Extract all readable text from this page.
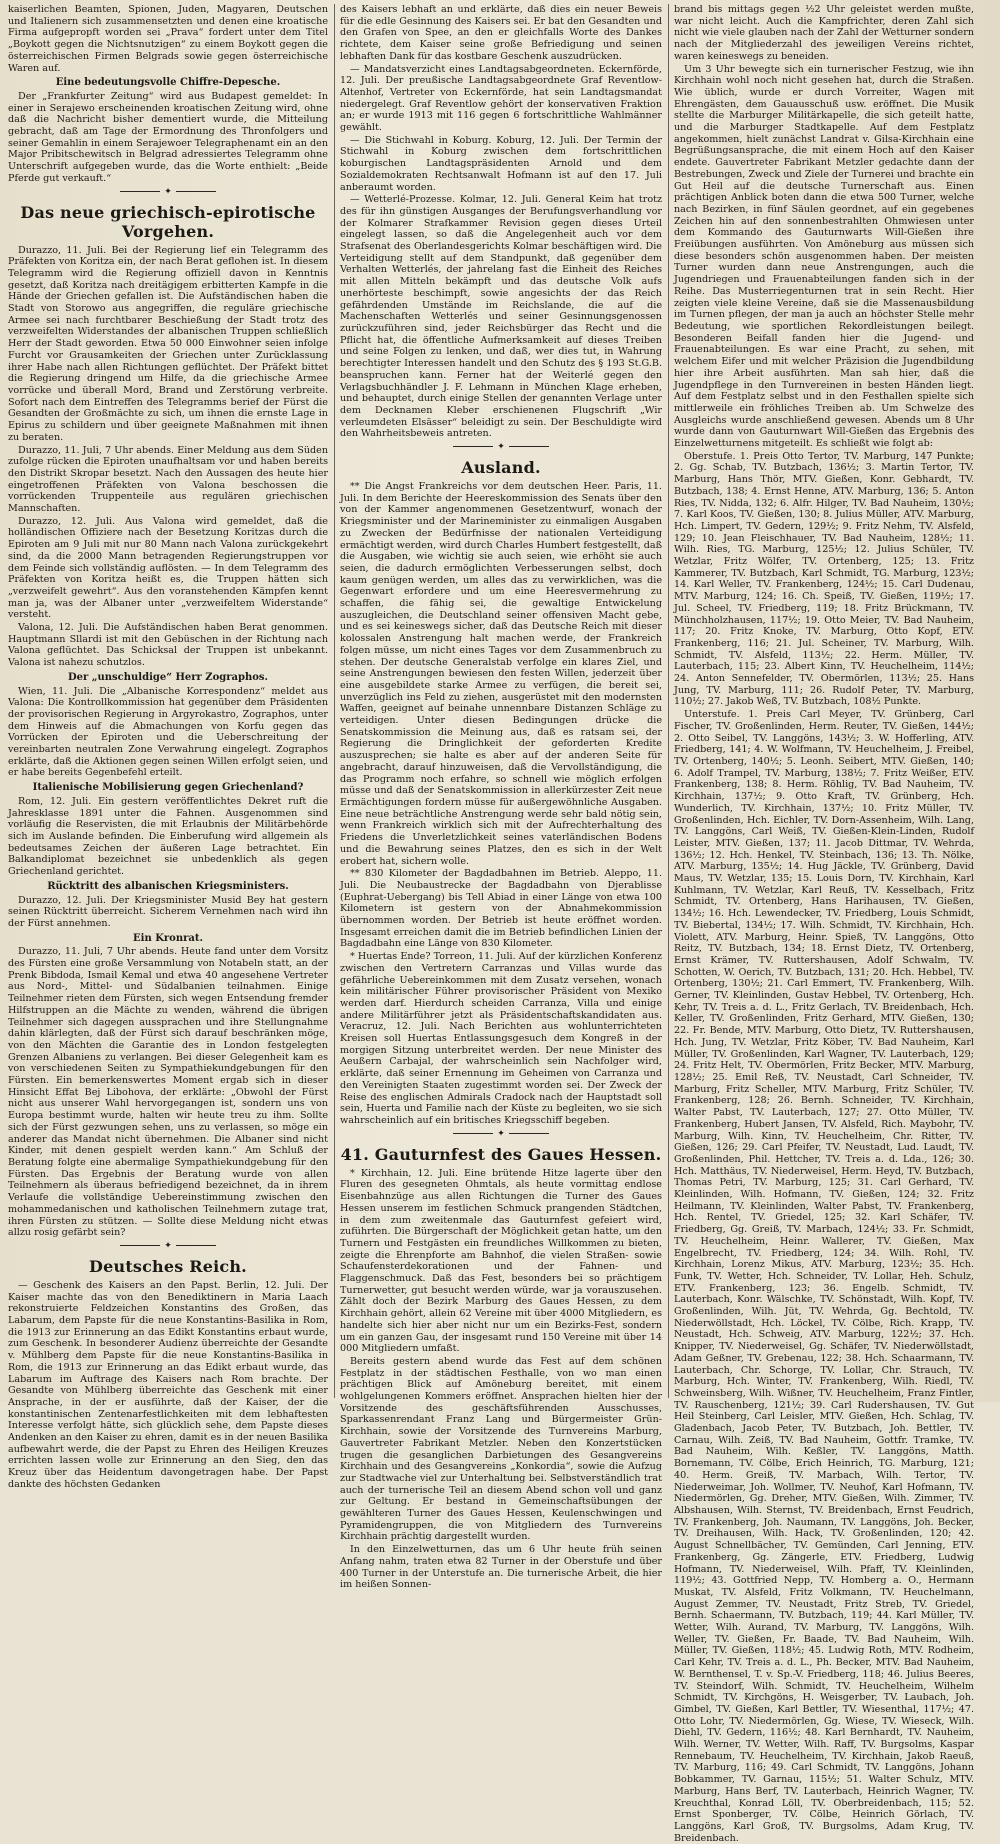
kaiserlichen Beamten, Spionen, Juden, Magyaren, Deutschen und Italienern sich zusammensetzten und denen eine kroatische Firma aufgepropft worden sei „Prava“ fordert unter dem Titel „Boykott gegen die Nichtsnutzigen“ zu einem Boykott gegen die österreichischen Firmen Belgrads sowie gegen österreichische Waren auf.

Eine bedeutungsvolle Chiffre-Depesche.

Der „Frankfurter Zeitung“ wird aus Budapest gemeldet: In einer in Serajewo erscheinenden kroatischen Zeitung wird, ohne daß die Nachricht bisher dementiert wurde, die Mitteilung gebracht, daß am Tage der Ermordnung des Thronfolgers und seiner Gemahlin in einem Serajewoer Telegraphenamt ein an den Major Pribitschewitsch in Belgrad adressiertes Telegramm ohne Unterschrift aufgegeben wurde, das die Worte enthielt: „Beide Pferde gut verkauft.“

✦
Das neue griechisch-epirotische Vorgehen.

Durazzo, 11. Juli. Bei der Regierung lief ein Telegramm des Präfekten von Koritza ein, der nach Berat geflohen ist. In diesem Telegramm wird die Regierung offiziell davon in Kenntnis gesetzt, daß Koritza nach dreitägigem erbitterten Kampfe in die Hände der Griechen gefallen ist. Die Aufständischen haben die Stadt von Storowo aus angegriffen, die reguläre griechische Armee sei nach furchtbarer Beschießung der Stadt trotz des verzweifelten Widerstandes der albanischen Truppen schließlich Herr der Stadt geworden. Etwa 50 000 Einwohner seien infolge Furcht vor Grausamkeiten der Griechen unter Zurücklassung ihrer Habe nach allen Richtungen geflüchtet. Der Präfekt bittet die Regierung dringend um Hilfe, da die griechische Armee vorrücke und überall Mord, Brand und Zerstörung verbreite. Sofort nach dem Eintreffen des Telegramms berief der Fürst die Gesandten der Großmächte zu sich, um ihnen die ernste Lage in Epirus zu schildern und über geeignete Maßnahmen mit ihnen zu beraten.

Durazzo, 11. Juli, 7 Uhr abends. Einer Meldung aus dem Süden zufolge rücken die Epiroten unaufhaltsam vor und haben bereits den Distrikt Skropar besetzt. Nach den Aussagen des heute hier eingetroffenen Präfekten von Valona beschossen die vorrückenden Truppenteile aus regulären griechischen Mannschaften.

Durazzo, 12. Juli. Aus Valona wird gemeldet, daß die holländischen Offiziere nach der Besetzung Koritzas durch die Epiroten am 9 Juli mit nur 80 Mann nach Valona zurückgekehrt sind, da die 2000 Mann betragenden Regierungstruppen vor dem Feinde sich vollständig auflösten. — In dem Telegramm des Präfekten von Koritza heißt es, die Truppen hätten sich „verzweifelt gewehrt“. Aus den voranstehenden Kämpfen kennt man ja, was der Albaner unter „verzweifeltem Widerstande“ versteht.

Valona, 12. Juli. Die Aufständischen haben Berat genommen. Hauptmann Sllardi ist mit den Gebüschen in der Richtung nach Valona geflüchtet. Das Schicksal der Truppen ist unbekannt. Valona ist nahezu schutzlos.

Der „unschuldige“ Herr Zographos.

Wien, 11. Juli. Die „Albanische Korrespondenz“ meldet aus Valona: Die Kontrollkommission hat gegenüber dem Präsidenten der provisorischen Regierung in Argyrokastro, Zographos, unter dem Hinweis auf die Abmachungen von Korfu gegen das Vorrücken der Epiroten und die Ueberschreitung der vereinbarten neutralen Zone Verwahrung eingelegt. Zographos erklärte, daß die Aktionen gegen seinen Willen erfolgt seien, und er habe bereits Gegenbefehl erteilt.

Italienische Mobilisierung gegen Griechenland?

Rom, 12. Juli. Ein gestern veröffentlichtes Dekret ruft die Jahresklasse 1891 unter die Fahnen. Ausgenommen sind vorläufig die Reservisten, die mit Erlaubnis der Militärbehörde sich im Auslande befinden. Die Einberufung wird allgemein als bedeutsames Zeichen der äußeren Lage betrachtet. Ein Balkandiplomat bezeichnet sie unbedenklich als gegen Griechenland gerichtet.

Rücktritt des albanischen Kriegsministers.

Durazzo, 12. Juli. Der Kriegsminister Musid Bey hat gestern seinen Rücktritt überreicht. Sicherem Vernehmen nach wird ihn der Fürst annehmen.

Ein Kronrat.

Durazzo, 11. Juli, 7 Uhr abends. Heute fand unter dem Vorsitz des Fürsten eine große Versammlung von Notabeln statt, an der Prenk Bibdoda, Ismail Kemal und etwa 40 angesehene Vertreter aus Nord-, Mittel- und Südalbanien teilnahmen. Einige Teilnehmer rieten dem Fürsten, sich wegen Entsendung fremder Hilfstruppen an die Mächte zu wenden, während die übrigen Teilnehmer sich dagegen aussprachen und ihre Stellungnahme dahin klärlegten, daß der Fürst sich darauf beschränken möge, von den Mächten die Garantie des in London festgelegten Grenzen Albaniens zu verlangen. Bei dieser Gelegenheit kam es von verschiedenen Seiten zu Sympathiekundgebungen für den Fürsten. Ein bemerkenswertes Moment ergab sich in dieser Hinsicht Effat Bej Libohova, der erklärte: „Obwohl der Fürst nicht aus unserer Wahl hervorgegangen ist, sondern uns von Europa bestimmt wurde, halten wir heute treu zu ihm. Sollte sich der Fürst gezwungen sehen, uns zu verlassen, so möge ein anderer das Mandat nicht übernehmen. Die Albaner sind nicht Kinder, mit denen gespielt werden kann.“ Am Schluß der Beratung folgte eine abermalige Sympathiekundgebung für den Fürsten. Das Ergebnis der Beratung wurde von allen Teilnehmern als überaus befriedigend bezeichnet, da in ihrem Verlaufe die vollständige Uebereinstimmung zwischen den mohammedanischen und katholischen Teilnehmern zutage trat, ihren Fürsten zu stützen. — Sollte diese Meldung nicht etwas allzu rosig gefärbt sein?

✦
Deutsches Reich.

— Geschenk des Kaisers an den Papst. Berlin, 12. Juli. Der Kaiser machte das von den Benediktinern in Maria Laach rekonstruierte Feldzeichen Konstantins des Großen, das Labarum, dem Papste für die neue Konstantins-Basilika in Rom, die 1913 zur Erinnerung an das Edikt Konstantins erbaut wurde, zum Geschenk. In besonderer Audienz überreichte der Gesandte v. Mühlberg dem Papste für die neue Konstantins-Basilika in Rom, die 1913 zur Erinnerung an das Edikt erbaut wurde, das Labarum im Auftrage des Kaisers nach Rom brachte. Der Gesandte von Mühlberg überreichte das Geschenk mit einer Ansprache, in der er ausführte, daß der Kaiser, der die konstantinischen Zentenarfestlichkeiten mit dem lebhaftesten Interesse verfolgt hätte, sich glücklich sehe, dem Papste dieses Andenken an den Kaiser zu ehren, damit es in der neuen Basilika aufbewahrt werde, die der Papst zu Ehren des Heiligen Kreuzes errichten lassen wolle zur Erinnerung an den Sieg, den das Kreuz über das Heidentum davongetragen habe. Der Papst dankte des höchsten Gedanken

des Kaisers lebhaft an und erklärte, daß dies ein neuer Beweis für die edle Gesinnung des Kaisers sei. Er bat den Gesandten und den Grafen von Spee, an den er gleichfalls Worte des Dankes richtete, dem Kaiser seine große Befriedigung und seinen lebhaften Dank für das kostbare Geschenk auszudrücken.

— Mandatsverzicht eines Landtagsabgeordneten. Eckernförde, 12. Juli. Der preußische Landtagsabgeordnete Graf Reventlow-Altenhof, Vertreter von Eckernförde, hat sein Landtagsmandat niedergelegt. Graf Reventlow gehört der konservativen Fraktion an; er wurde 1913 mit 116 gegen 6 fortschrittliche Wahlmänner gewählt.

— Die Stichwahl in Koburg. Koburg, 12. Juli. Der Termin der Stichwahl in Koburg zwischen dem fortschrittlichen koburgischen Landtagspräsidenten Arnold und dem Sozialdemokraten Rechtsanwalt Hofmann ist auf den 17. Juli anberaumt worden.

— Wetterlé-Prozesse. Kolmar, 12. Juli. General Keim hat trotz des für ihn günstigen Ausganges der Berufungsverhandlung vor der Kolmarer Strafkammer Revision gegen dieses Urteil eingelegt lassen, so daß die Angelegenheit auch vor dem Strafsenat des Oberlandesgerichts Kolmar beschäftigen wird. Die Verteidigung stellt auf dem Standpunkt, daß gegenüber dem Verhalten Wetterlés, der jahrelang fast die Einheit des Reiches mit allen Mitteln bekämpft und das deutsche Volk aufs unerhörteste beschimpft, sowie angesichts der das Reich gefährdenden Umstände im Reichslande, die auf die Machenschaften Wetterlés und seiner Gesinnungsgenossen zurückzuführen sind, jeder Reichsbürger das Recht und die Pflicht hat, die öffentliche Aufmerksamkeit auf dieses Treiben und seine Folgen zu lenken, und daß, wer dies tut, in Wahrung berechtigter Interessen handelt und den Schutz des § 193 St.G.B. beanspruchen kann. Ferner hat der Weiterlé gegen den Verlagsbuchhändler J. F. Lehmann in München Klage erheben, und behauptet, durch einige Stellen der genannten Verlage unter dem Decknamen Kleber erschienenen Flugschrift „Wir verleumdeten Elsässer“ beleidigt zu sein. Der Beschuldigte wird den Wahrheitsbeweis antreten.

✦
Ausland.

** Die Angst Frankreichs vor dem deutschen Heer. Paris, 11. Juli. In dem Berichte der Heereskommission des Senats über den von der Kammer angenommenen Gesetzentwurf, wonach der Kriegsminister und der Marineminister zu einmaligen Ausgaben zu Zwecken der Bedürfnisse der nationalen Verteidigung ermächtigt werden, wird durch Charles Humbert festgestellt, daß die Ausgaben, wie wichtig sie auch seien, wie erhöht sie auch seien, die dadurch ermöglichten Verbesserungen selbst, doch kaum genügen werden, um alles das zu verwirklichen, was die Gegenwart erfordere und um eine Heeresvermehrung zu schaffen, die fähig sei, die gewaltige Entwickelung auszugleichen, die Deutschland seiner offensiven Macht gebe, und es sei keineswegs sicher, daß das Deutsche Reich mit dieser kolossalen Anstrengung halt machen werde, der Frankreich folgen müsse, um nicht eines Tages vor dem Zusammenbruch zu stehen. Der deutsche Generalstab verfolge ein klares Ziel, und seine Anstrengungen bewiesen den festen Willen, jederzeit über eine ausgebildete starke Armee zu verfügen, die bereit sei, unverzüglich ins Feld zu ziehen, ausgerüstet mit den modernsten Waffen, geeignet auf beinahe unnennbare Distanzen Schläge zu verteidigen. Unter diesen Bedingungen drücke die Senatskommission die Meinung aus, daß es ratsam sei, der Regierung die Dringlichkeit der geforderten Kredite auszusprechen; sie halte es aber auf der anderen Seite für angebracht, darauf hinzuweisen, daß die Vervollständigung, die das Programm noch erfahre, so schnell wie möglich erfolgen müsse und daß der Senatskommission in allerkürzester Zeit neue Ermächtigungen fordern müsse für außergewöhnliche Ausgaben. Eine neue beträchtliche Anstrengung werde sehr bald nötig sein, wenn Frankreich wirklich sich mit der Aufrechterhaltung des Friedens die Unverletzlichkeit seines vaterländischen Bodens und die Bewahrung seines Platzes, den es sich in der Welt erobert hat, sichern wolle.

** 830 Kilometer der Bagdadbahnen im Betrieb. Aleppo, 11. Juli. Die Neubaustrecke der Bagdadbahn von Djerablisse (Euphrat-Uebergang) bis Tell Abiad in einer Länge von etwa 100 Kilometern ist gestern von der Abnahmekommission übernommen worden. Der Betrieb ist heute eröffnet worden. Insgesamt erreichen damit die im Betrieb befindlichen Linien der Bagdadbahn eine Länge von 830 Kilometer.

* Huertas Ende? Torreon, 11. Juli. Auf der kürzlichen Konferenz zwischen den Vertretern Carranzas und Villas wurde das gefährliche Uebereinkommen mit dem Zusatz versehen, wonach kein militärischer Führer provisorischer Präsident von Mexiko werden darf. Hierdurch scheiden Carranza, Villa und einige andere Militärführer jetzt als Präsidentschaftskandidaten aus. Veracruz, 12. Juli. Nach Berichten aus wohlunterrichteten Kreisen soll Huertas Entlassungsgesuch dem Kongreß in der morgigen Sitzung unterbreitet werden. Der neue Minister des Aeußern Carbajal, der wahrscheinlich sein Nachfolger wird, erklärte, daß seiner Ernennung im Geheimen von Carranza und den Vereinigten Staaten zugestimmt worden sei. Der Zweck der Reise des englischen Admirals Cradock nach der Hauptstadt soll sein, Huerta und Familie nach der Küste zu begleiten, wo sie sich wahrscheinlich auf ein britisches Kriegsschiff begeben.

✦
41. Gauturnfest des Gaues Hessen.

* Kirchhain, 12. Juli. Eine brütende Hitze lagerte über den Fluren des gesegneten Ohmtals, als heute vormittag endlose Eisenbahnzüge aus allen Richtungen die Turner des Gaues Hessen unserem im festlichen Schmuck prangenden Städtchen, in dem zum zweitenmale das Gauturnfest gefeiert wird, zuführten. Die Bürgerschaft der Möglichkeit getan hatte, um den Turnern und Festgästen ein freundliches Willkommen zu bieten, zeigte die Ehrenpforte am Bahnhof, die vielen Straßen- sowie Schaufensterdekorationen und der Fahnen- und Flaggenschmuck. Daß das Fest, besonders bei so prächtigem Turnerwetter, gut besucht werden würde, war ja vorauszusehen. Zählt doch der Bezirk Marburg des Gaues Hessen, zu dem Kirchhain gehört, allein 62 Vereine mit über 4000 Mitgliedern, es handelte sich hier aber nicht nur um ein Bezirks-Fest, sondern um ein ganzen Gau, der insgesamt rund 150 Vereine mit über 14 000 Mitgliedern umfaßt.

Bereits gestern abend wurde das Fest auf dem schönen Festplatz in der städtischen Festhalle, von wo man einen prächtigen Blick auf Amöneburg bereitet, mit einem wohlgelungenen Kommers eröffnet. Ansprachen hielten hier der Vorsitzende des geschäftsführenden Ausschusses, Sparkassenrendant Franz Lang und Bürgermeister Grün-Kirchhain, sowie der Vorsitzende des Turnvereins Marburg, Gauvertreter Fabrikant Metzler. Neben den Konzertstücken trugen die gesanglichen Darbietungen des Gesangvereins Kirchhain und des Gesangvereins „Konkordia“, sowie die Aufzug zur Stadtwache viel zur Unterhaltung bei. Selbstverständlich trat auch der turnerische Teil an diesem Abend schon voll und ganz zur Geltung. Er bestand in Gemeinschaftsübungen der gewählteren Turner des Gaues Hessen, Keulenschwingen und Pyramidengruppen, die von Mitgliedern des Turnvereins Kirchhain prächtig dargestellt wurden.

In den Einzelwetturnen, das um 6 Uhr heute früh seinen Anfang nahm, traten etwa 82 Turner in der Oberstufe und über 400 Turner in der Unterstufe an. Die turnerische Arbeit, die hier im heißen Sonnen-

brand bis mittags gegen ½2 Uhr geleistet werden mußte, war nicht leicht. Auch die Kampfrichter, deren Zahl sich nicht wie viele glauben nach der Zahl der Wetturner sondern nach der Mitgliederzahl des jeweiligen Vereins richtet, waren keineswegs zu beneiden.

Um 3 Uhr bewegte sich ein turnerischer Festzug, wie ihn Kirchhain wohl noch nicht gesehen hat, durch die Straßen. Wie üblich, wurde er durch Vorreiter, Wagen mit Ehrengästen, dem Gauausschuß usw. eröffnet. Die Musik stellte die Marburger Militärkapelle, die sich geteilt hatte, und die Marburger Stadtkapelle. Auf dem Festplatz angekommen, hielt zunächst Landrat v. Gilsa-Kirchhain eine Begrüßungsansprache, die mit einem Hoch auf den Kaiser endete. Gauvertreter Fabrikant Metzler gedachte dann der Bestrebungen, Zweck und Ziele der Turnerei und brachte ein Gut Heil auf die deutsche Turnerschaft aus. Einen prächtigen Anblick boten dann die etwa 500 Turner, welche nach Bezirken, in fünf Säulen geordnet, auf ein gegebenes Zeichen hin auf den sonnenbestrahlten Ohmwiesen unter dem Kommando des Gauturnwarts Will-Gießen ihre Freiübungen ausführten. Von Amöneburg aus müssen sich diese besonders schön ausgenommen haben. Der meisten Turner wurden dann neue Anstrengungen, auch die Jugendriegen und Frauenabteilungen fanden sich in der Reihe. Das Musterriegenturnen trat in sein Recht. Hier zeigten viele kleine Vereine, daß sie die Massenausbildung im Turnen pflegen, der man ja auch an höchster Stelle mehr Bedeutung, wie sportlichen Rekordleistungen beilegt. Besonderen Beifall fanden hier die Jugend- und Frauenabteilungen. Es war eine Pracht, zu sehen, mit welchem Eifer und mit welcher Präzision die Jugendbildung hier ihre Arbeit ausführten. Man sah hier, daß die Jugendpflege in den Turnvereinen in besten Händen liegt. Auf dem Festplatz selbst und in den Festhallen spielte sich mittlerweile ein fröhliches Treiben ab. Um Schwelze des Ausgleichs wurde anschließend gewesen. Abends um 8 Uhr wurde dann von Gauturnwart Will-Gießen das Ergebnis des Einzelwetturnens mitgeteilt. Es schließt wie folgt ab:

Oberstufe. 1. Preis Otto Tertor, TV. Marburg, 147 Punkte; 2. Gg. Schab, TV. Butzbach, 136½; 3. Martin Tertor, TV. Marburg, Hans Thör, MTV. Gießen, Konr. Gebhardt, TV. Butzbach, 138; 4. Ernst Henne, ATV. Marburg, 136; 5. Anton Ries, TV. Nidda, 132; 6. Alfr. Hilger, TV. Bad Nauheim, 130½; 7. Karl Koos, TV. Gießen, 130; 8. Julius Müller, ATV. Marburg, Hch. Limpert, TV. Gedern, 129½; 9. Fritz Nehm, TV. Alsfeld, 129; 10. Jean Fleischhauer, TV. Bad Nauheim, 128½; 11. Wilh. Ries, TG. Marburg, 125½; 12. Julius Schüler, TV. Wetzlar, Fritz Wölfer, TV. Ortenberg, 125; 13. Fritz Kammerer, TV. Butzbach, Karl Schmidt, TG. Marburg, 123½; 14. Karl Weller, TV. Frankenberg, 124½; 15. Carl Dudenau, MTV. Marburg, 124; 16. Ch. Speiß, TV. Gießen, 119½; 17. Jul. Scheel, TV. Friedberg, 119; 18. Fritz Brückmann, TV. Münchholzhausen, 117½; 19. Otto Meier, TV. Bad Nauheim, 117; 20. Fritz Knoke, TV. Marburg, Otto Kopf, ETV. Frankenberg, 116; 21. Jul. Scheiner, TV. Marburg, Wilh. Schmidt, TV. Alsfeld, 113½; 22. Herm. Müller, TV. Lauterbach, 115; 23. Albert Kinn, TV. Heuchelheim, 114½; 24. Anton Sennefelder, TV. Obermörlen, 113½; 25. Hans Jung, TV. Marburg, 111; 26. Rudolf Peter, TV. Marburg, 110½; 27. Jakob Weß, TV. Butzbach, 108½ Punkte.

Unterstufe. 1. Preis Carl Meyer, TV. Grünberg, Carl Fischer, TV. Großenlinden, Herm. Reuter, TV. Gießen, 144½; 2. Otto Seibel, TV. Langgöns, 143½; 3. W. Hofferling, ATV. Friedberg, 141; 4. W. Wolfmann, TV. Heuchelheim, J. Freibel, TV. Ortenberg, 140½; 5. Leonh. Seibert, MTV. Gießen, 140; 6. Adolf Trampel, TV. Marburg, 138½; 7. Fritz Weißer, ETV. Frankenberg, 138; 8. Herm. Röhlig, TV. Bad Nauheim, TV. Kirchhain, 137½; 9. Otto Kraft, TV. Grünberg, Hch. Wunderlich, TV. Kirchhain, 137½; 10. Fritz Müller, TV. Großenlinden, Hch. Eichler, TV. Dorn-Assenheim, Wilh. Lang, TV. Langgöns, Carl Weiß, TV. Gießen-Klein-Linden, Rudolf Leister, MTV. Gießen, 137; 11. Jacob Dittmar, TV. Wehrda, 136½; 12. Hch. Henkel, TV. Steinbach, 136; 13. Th. Nölke, ATV. Marburg, 135½; 14. Hug Jäckle, TV. Grünberg, David Maus, TV. Wetzlar, 135; 15. Louis Dorn, TV. Kirchhain, Karl Kuhlmann, TV. Wetzlar, Karl Reuß, TV. Kesselbach, Fritz Schmidt, TV. Ortenberg, Hans Harihausen, TV. Gießen, 134½; 16. Hch. Lewendecker, TV. Friedberg, Louis Schmidt, TV. Biebertal, 134½; 17. Wilh. Schmidt, TV. Kirchhain, Hch. Violett, ATV. Marburg, Heinr. Spieß, TV. Langgöns, Otto Reitz, TV. Butzbach, 134; 18. Ernst Dietz, TV. Ortenberg, Ernst Krämer, TV. Ruttershausen, Adolf Schwalm, TV. Schotten, W. Oerich, TV. Butzbach, 131; 20. Hch. Hebbel, TV. Ortenberg, 130½; 21. Carl Emmert, TV. Frankenberg, Wilh. Gerner, TV. Kleinlinden, Gustav Hebbel, TV. Ortenberg, Hch. Kehr, TV. Treis a. d. L., Fritz Gerlach, TV. Breidenbach, Hch. Keller, TV. Großenlinden, Fritz Gerhard, MTV. Gießen, 130; 22. Fr. Bende, MTV. Marburg, Otto Dietz, TV. Ruttershausen, Hch. Jung, TV. Wetzlar, Fritz Köber, TV. Bad Nauheim, Karl Müller, TV. Großenlinden, Karl Wagner, TV. Lauterbach, 129; 24. Fritz Helt, TV. Obermörlen, Fritz Becker, MTV. Marburg, 128½; 25. Emil Reß, TV. Neustadt, Carl Schneider, TV. Marburg, Fritz Scheller, MTV. Marburg, Fritz Schüler, TV. Frankenberg, 128; 26. Bernh. Schneider, TV. Kirchhain, Walter Pabst, TV. Lauterbach, 127; 27. Otto Müller, TV. Frankenberg, Hubert Jansen, TV. Alsfeld, Rich. Maybohr, TV. Marburg, Wilh. Kinn, TV. Heuchelheim, Chr. Ritter, TV. Gießen, 126; 29. Carl Pfeifer, TV. Neustadt, Lud. Laudt, TV. Großenlinden, Phil. Hettcher, TV. Treis a. d. Lda., 126; 30. Hch. Matthäus, TV. Niederweisel, Herm. Heyd, TV. Butzbach, Thomas Petri, TV. Marburg, 125; 31. Carl Gerhard, TV. Kleinlinden, Wilh. Hofmann, TV. Gießen, 124; 32. Fritz Heilmann, TV. Kleinlinden, Walter Pabst, TV. Frankenberg, Hch. Rentel, TV. Griedel, 125; 32. Karl Schäfer, TV. Friedberg, Gg. Greiß, TV. Marbach, 124½; 33. Fr. Schmidt, TV. Heuchelheim, Heinr. Wallerer, TV. Gießen, Max Engelbrecht, TV. Friedberg, 124; 34. Wilh. Rohl, TV. Kirchhain, Lorenz Mikus, ATV. Marburg, 123½; 35. Hch. Funk, TV. Wetter, Hch. Schneider, TV. Lollar, Heh. Schulz, ETV. Frankenberg, 123; 36. Engelb. Schmidt, TV. Lauterbach, Konr. Wälschke, TV. Schönstadt, Wilh. Kopf, TV. Großenlinden, Wilh. Jüt, TV. Wehrda, Gg. Bechtold, TV. Niederwöllstadt, Hch. Löckel, TV. Cölbe, Rich. Krapp, TV. Neustadt, Hch. Schweig, ATV. Marburg, 122½; 37. Hch. Knipper, TV. Niederweisel, Gg. Schäfer, TV. Niederwöllstadt, Adam Geßner, TV. Grebenau, 122; 38. Hch. Schaarmann, TV. Lauterbach, Chr. Schorge, TV. Lollar, Chr. Strauch, TV. Marburg, Hch. Winter, TV. Frankenberg, Wilh. Riedl, TV. Schweinsberg, Wilh. Wißner, TV. Heuchelheim, Franz Fintler, TV. Rauschenberg, 121½; 39. Carl Rudershausen, TV. Gut Heil Steinberg, Carl Leisler, MTV. Gießen, Hch. Schlag, TV. Gladenbach, Jacob Peter, TV. Butzbach, Joh. Bettler, TV. Carnau, Wilh. Zeiß, TV. Bad Nauheim, Gottfr. Tramke, TV. Bad Nauheim, Wilh. Keßler, TV. Langgöns, Matth. Bornemann, TV. Cölbe, Erich Heinrich, TG. Marburg, 121; 40. Herm. Greiß, TV. Marbach, Wilh. Tertor, TV. Niederweimar, Joh. Wollmer, TV. Neuhof, Karl Hofmann, TV. Niedermörlen, Gg. Dreher, MTV. Gießen, Wilh. Zimmer, TV. Albshausen, Wilh. Sternst, TV. Breidenbach, Ernst Feudrich, TV. Frankenberg, Joh. Naumann, TV. Langgöns, Joh. Becker, TV. Dreihausen, Wilh. Hack, TV. Großenlinden, 120; 42. August Schnellbächer, TV. Gemünden, Carl Jenning, ETV. Frankenberg, Gg. Zängerle, ETV. Friedberg, Ludwig Hofmann, TV. Niederweisel, Wilh. Pfaff, TV. Kleinlinden, 119½; 43. Gottfried Nepp, TV. Homberg a. O., Hermann Muskat, TV. Alsfeld, Fritz Volkmann, TV. Heuchelmann, August Zemmer, TV. Neustadt, Fritz Streb, TV. Griedel, Bernh. Schaermann, TV. Butzbach, 119; 44. Karl Müller, TV. Wetter, Wilh. Aurand, TV. Marburg, TV. Langgöns, Wilh. Weller, TV. Gießen, Fr. Baade, TV. Bad Nauheim, Wilh. Müller, TV. Gießen, 118½; 45. Ludwig Roth, MTV. Rodheim, Carl Kehr, TV. Treis a. d. L., Ph. Becker, MTV. Bad Nauheim, W. Bernthensel, T. v. Sp.-V. Friedberg, 118; 46. Julius Beeres, TV. Steindorf, Wilh. Schmidt, TV. Heuchelheim, Wilhelm Schmidt, TV. Kirchgöns, H. Weisgerber, TV. Laubach, Joh. Gimbel, TV. Gießen, Karl Bettler, TV. Wiesenthal, 117½; 47. Otto Lohr, TV. Niedermörlen, Gg. Wiese, TV. Wieseck, Wilh. Diehl, TV. Gedern, 116½; 48. Karl Bernhardt, TV. Nauheim, Wilh. Werner, TV. Wetter, Wilh. Raff, TV. Burgsolms, Kaspar Rennebaum, TV. Heuchelheim, TV. Kirchhain, Jakob Raeuß, TV. Marburg, 116; 49. Carl Schmidt, TV. Langgöns, Johann Bobkammer, TV. Garnau, 115½; 51. Walter Schulz, MTV. Marburg, Hans Berf, TV. Lauterbach, Heinrich Wagner, TV. Kreuchthal, Konrad Löll, TV. Oberbreidenbach, 115; 52. Ernst Sponberger, TV. Cölbe, Heinrich Görlach, TV. Langgöns, Karl Groß, TV. Burgsolms, Adam Krug, TV. Breidenbach.
